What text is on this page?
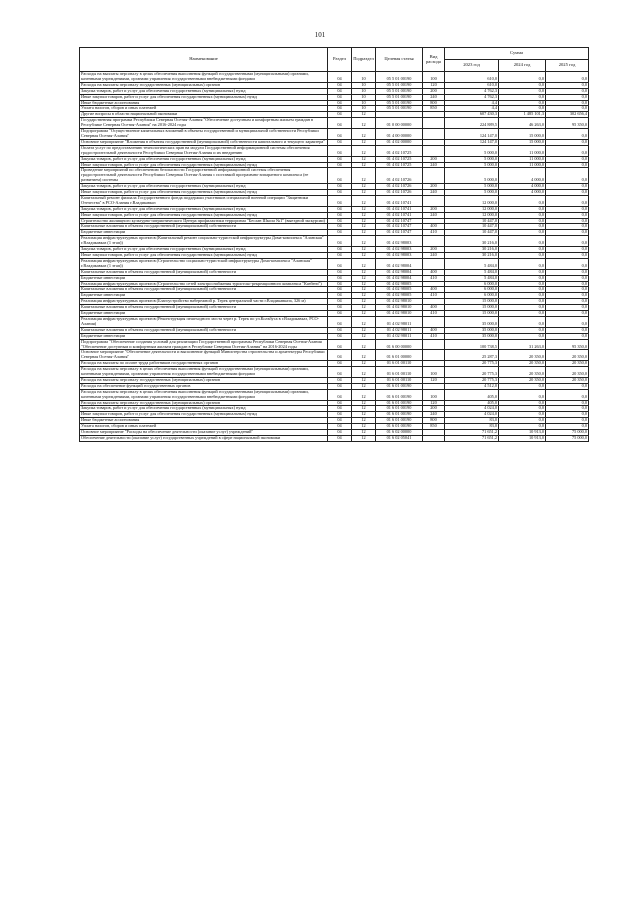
101
Наименование	Раздел	Подраздел	Целевая статья	Вид расхода	Сумма		
					2023 год	2024 год	2025 год
Расходы на выплаты персоналу в целях обеспечения выполнения функций государственными (муниципальными) органами, казенными учреждениями, органами управления государственными внебюджетными фондами	04	10	05 5 01 00190	100	610,0	0,0	0,0
Расходы на выплаты персоналу государственных (муниципальных) органов	04	10	05 5 01 00190	120	610,0	0,0	0,0
Закупка товаров, работ и услуг для обеспечения государственных (муниципальных) нужд	04	10	05 5 01 00190	200	4 762,3	0,0	0,0
Иные закупки товаров, работ и услуг для обеспечения государственных (муниципальных) нужд	04	10	05 5 01 00190	240	4 762,3	0,0	0,0
Иные бюджетные ассигнования	04	10	05 5 01 00190	800	4,4	0,0	0,0
Уплата налогов, сборов и иных платежей	04	10	05 5 01 00190	850	4,4	0,0	0,0
Другие вопросы в области национальной экономики	04	12			607 430,3	1 485 101,3	302 656,4
Государственная программа Республики Северная Осетия-Алания "Обеспечение доступным и комфортным жильем граждан в Республике Северная Осетия-Алания" на 2016-2024 годы	04	12	01 0 00 00000		224 889,5	46 263,0	95 350,0
Подпрограмма "Осуществление капитальных вложений в объекты государственной и муниципальной собственности Республики Северная Осетия-Алания"	04	12	01 4 00 00000		124 147,0	15 000,0	0,0
Основное мероприятие "Вложения в объекты государственной (муниципальной) собственности капитального и текущего характера"	04	12	01 4 02 00000		124 147,0	15 000,0	0,0
Оплата услуг по предоставлению технологических прав на модули Государственной информационной системы обеспечения градостроительной деятельности Республики Северная Осетия-Алания и их внедрению	04	12	01 4 02 10725		5 000,0	11 000,0	0,0
Закупка товаров, работ и услуг для обеспечения государственных (муниципальных) нужд	04	12	01 4 02 10725	200	5 000,0	11 000,0	0,0
Иные закупки товаров, работ и услуг для обеспечения государственных (муниципальных) нужд	04	12	01 4 02 10725	240	5 000,0	11 000,0	0,0
Проведение мероприятий по обеспечению безопасности Государственной информационной системы обеспечения градостроительной деятельности Республики Северная Осетия-Алания с поставкой программно-аппаратного комплекса (ее развитием) системы	04	12	01 4 02 10726		5 000,0	4 000,0	0,0
Закупка товаров, работ и услуг для обеспечения государственных (муниципальных) нужд	04	12	01 4 02 10726	200	5 000,0	4 000,0	0,0
Иные закупки товаров, работ и услуг для обеспечения государственных (муниципальных) нужд	04	12	01 4 02 10726	240	5 000,0	4 000,0	0,0
Капитальный ремонт филиала Государственного фонда поддержки участников специальной военной операции "Защитники Отечества" в РСО-Алания г.Владикавказ	04	12	01 4 02 10741		12 000,0	0,0	0,0
Закупка товаров, работ и услуг для обеспечения государственных (муниципальных) нужд	04	12	01 4 02 10741	200	12 000,0	0,0	0,0
Иные закупки товаров, работ и услуг для обеспечения государственных (муниципальных) нужд	04	12	01 4 02 10741	240	12 000,0	0,0	0,0
Строительство жилищного культурно-патриотического Центра профилактики терроризма "Беслан Школа №1" (выездной экскурсии)	04	12	01 4 02 10747		10 447,0	0,0	0,0
Капитальные вложения в объекты государственной (муниципальной) собственности	04	12	01 4 02 10747	400	10 447,0	0,0	0,0
Бюджетные инвестиции	04	12	01 4 02 10747	410	10 447,0	0,0	0,0
Реализация инфраструктурных проектов (Капитальный ремонт социально-туристской инфраструктуры Дома-комплекса "Аланская" г.Владикавказ (1 этап))	04	12	01 4 02 98003		30 216,0	0,0	0,0
Закупка товаров, работ и услуг для обеспечения государственных (муниципальных) нужд	04	12	01 4 02 98003	200	30 216,0	0,0	0,0
Иные закупки товаров, работ и услуг для обеспечения государственных (муниципальных) нужд	04	12	01 4 02 98003	240	30 216,0	0,0	0,0
Реализация инфраструктурных проектов (Строительство социально-туристской инфраструктуры Дома-комплекса "Аланская" г.Владикавказ (1 этап))	04	12	01 4 02 98004		5 484,0	0,0	0,0
Капитальные вложения в объекты государственной (муниципальной) собственности	04	12	01 4 02 98004	400	5 484,0	0,0	0,0
Бюджетные инвестиции	04	12	01 4 02 98004	410	5 484,0	0,0	0,0
Реализация инфраструктурных проектов (Строительство сетей электроснабжения туристско-рекреационного комплекса "Казбеги")	04	12	01 4 02 98005		6 000,0	0,0	0,0
Капитальные вложения в объекты государственной (муниципальной) собственности	04	12	01 4 02 98005	400	6 000,0	0,0	0,0
Бюджетные инвестиции	04	12	01 4 02 98005	410	6 000,0	0,0	0,0
Реализация инфраструктурных проектов (Благоустройство набережной р. Терек центральной части г.Владикавказа, 326 м)	04	12	01 4 02 98010		15 000,0	0,0	0,0
Капитальные вложения в объекты государственной (муниципальной) собственности	04	12	01 4 02 98010	400	15 000,0	0,0	0,0
Бюджетные инвестиции	04	12	01 4 02 98010	410	15 000,0	0,0	0,0
Реализация инфраструктурных проектов (Реконструкция пешеходного моста через р. Терек по ул.Кольбуса в г.Владикавказ, РСО-Алания)	04	12	01 4 02 98011		35 000,0	0,0	0,0
Капитальные вложения в объекты государственной (муниципальной) собственности	04	12	01 4 02 98011	400	35 000,0	0,0	0,0
Бюджетные инвестиции	04	12	01 4 02 98011	410	35 000,0	0,0	0,0
Подпрограмма "Обеспечение создания условий для реализации Государственной программы Республики Северная Осетия-Алания "Обеспечение доступным и комфортным жильем граждан в Республике Северная Осетия-Алания" на 2016-2024 годы	04	12	01 6 00 00000		100 738,5	31 263,0	95 350,0
Основное мероприятие "Обеспечение деятельности и выполнение функций Министерства строительства и архитектуры Республики Северная Осетия-Алания"	04	12	01 6 01 00000		25 287,3	20 350,0	20 350,0
Расходы на выплаты по оплате труда работников государственных органов	04	12	01 6 01 00110		20 775,3	20 350,0	20 350,0
Расходы на выплаты персоналу в целях обеспечения выполнения функций государственными (муниципальными) органами, казенными учреждениями, органами управления государственными внебюджетными фондами	04	12	01 6 01 00110	100	20 775,3	20 350,0	20 350,0
Расходы на выплаты персоналу государственных (муниципальных) органов	04	12	01 6 01 00110	120	20 775,3	20 350,0	20 350,0
Расходы на обеспечение функций государственных органов	04	12	01 6 01 00190		4 512,0	0,0	0,0
Расходы на выплаты персоналу в целях обеспечения выполнения функций государственными (муниципальными) органами, казенными учреждениями, органами управления государственными внебюджетными фондами	04	12	01 6 01 00190	100	405,0	0,0	0,0
Расходы на выплаты персоналу государственных (муниципальных) органов	04	12	01 6 01 00190	120	405,0	0,0	0,0
Закупка товаров, работ и услуг для обеспечения государственных (муниципальных) нужд	04	12	01 6 01 00190	200	4 024,0	0,0	0,0
Иные закупки товаров, работ и услуг для обеспечения государственных (муниципальных) нужд	04	12	01 6 01 00190	240	4 024,0	0,0	0,0
Иные бюджетные ассигнования	04	12	01 6 01 00190	800	83,0	0,0	0,0
Уплата налогов, сборов и иных платежей	04	12	01 6 01 00190	850	83,0	0,0	0,0
Основное мероприятие "Расходы на обеспечение деятельности (оказание услуг) учреждений"	04	12	01 6 02 00000		71 651,2	10 913,0	75 000,0
Обеспечение деятельности (оказание услуг) государственных учреждений в сфере национальной экономики	04	12	01 6 02 05041		71 651,2	10 913,0	75 000,0
